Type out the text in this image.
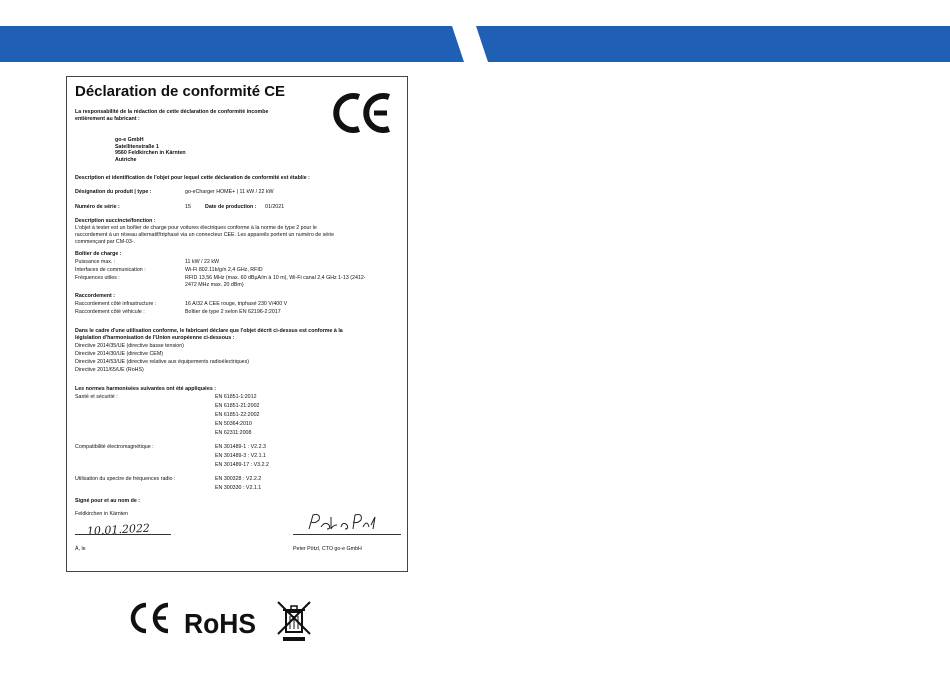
Déclaration de conformité CE
La responsabilité de la rédaction de cette déclaration de conformité incombe
entièrement au fabricant :
go-e GmbH
Satellitenstraße 1
9560 Feldkirchen in Kärnten
Autriche
Description et identification de l'objet pour lequel cette déclaration de conformité est établie :
Désignation du produit | type :	go-eCharger HOME+ | 11 kW / 22 kW
Numéro de série :	15	Date de production : 01/2021
Description succincte/fonction :
L'objet à tester est un boîtier de charge pour voitures électriques conforme à la norme de type 2 pour le
raccordement à un réseau alternatif/triphasé via un connecteur CEE. Les appareils portent un numéro de série
commençant par CM-03-.
Boîtier de charge :
Puissance max. :	11 kW / 22 kW
Interfaces de communication :	Wi-Fi 802.11b/g/n 2,4 GHz, RFID
Fréquences utiles :	RFID 13,56 MHz (max. 60 dBµA/m à 10 m), Wi-Fi canal 2,4 GHz 1-13 (2412-
2472 MHz max. 20 dBm)
Raccordement :
Raccordement côté infrastructure :	16 A/32 A CEE rouge, triphasé 230 V/400 V
Raccordement côté véhicule :	Boîtier de type 2 selon EN 62196-2:2017
Dans le cadre d'une utilisation conforme, le fabricant déclare que l'objet décrit ci-dessus est conforme à la
législation d'harmonisation de l'Union européenne ci-dessous :
Directive 2014/35/UE (directive basse tension)
Directive 2014/30/UE (directive CEM)
Directive 2014/53/UE (directive relative aux équipements radioélectriques)
Directive 2011/65/UE (RoHS)
Les normes harmonisées suivantes ont été appliquées :
Santé et sécurité :	EN 61851-1:2012
EN 61851-21:2002
EN 61851-22:2002
EN 50364:2010
EN 62311:2008
Compatibilité électromagnétique :	EN 301489-1 : V2.2.3
EN 301489-3 : V2.1.1
EN 301489-17 : V3.2.2
Utilisation du spectre de fréquences radio :	EN 300328 : V2.2.2
EN 300330 : V2.1.1
Signé pour et au nom de :
Feldkirchen in Kärnten
10.01.2022
À, le	Peter Pötzl, CTO go-e GmbH
RoHS
